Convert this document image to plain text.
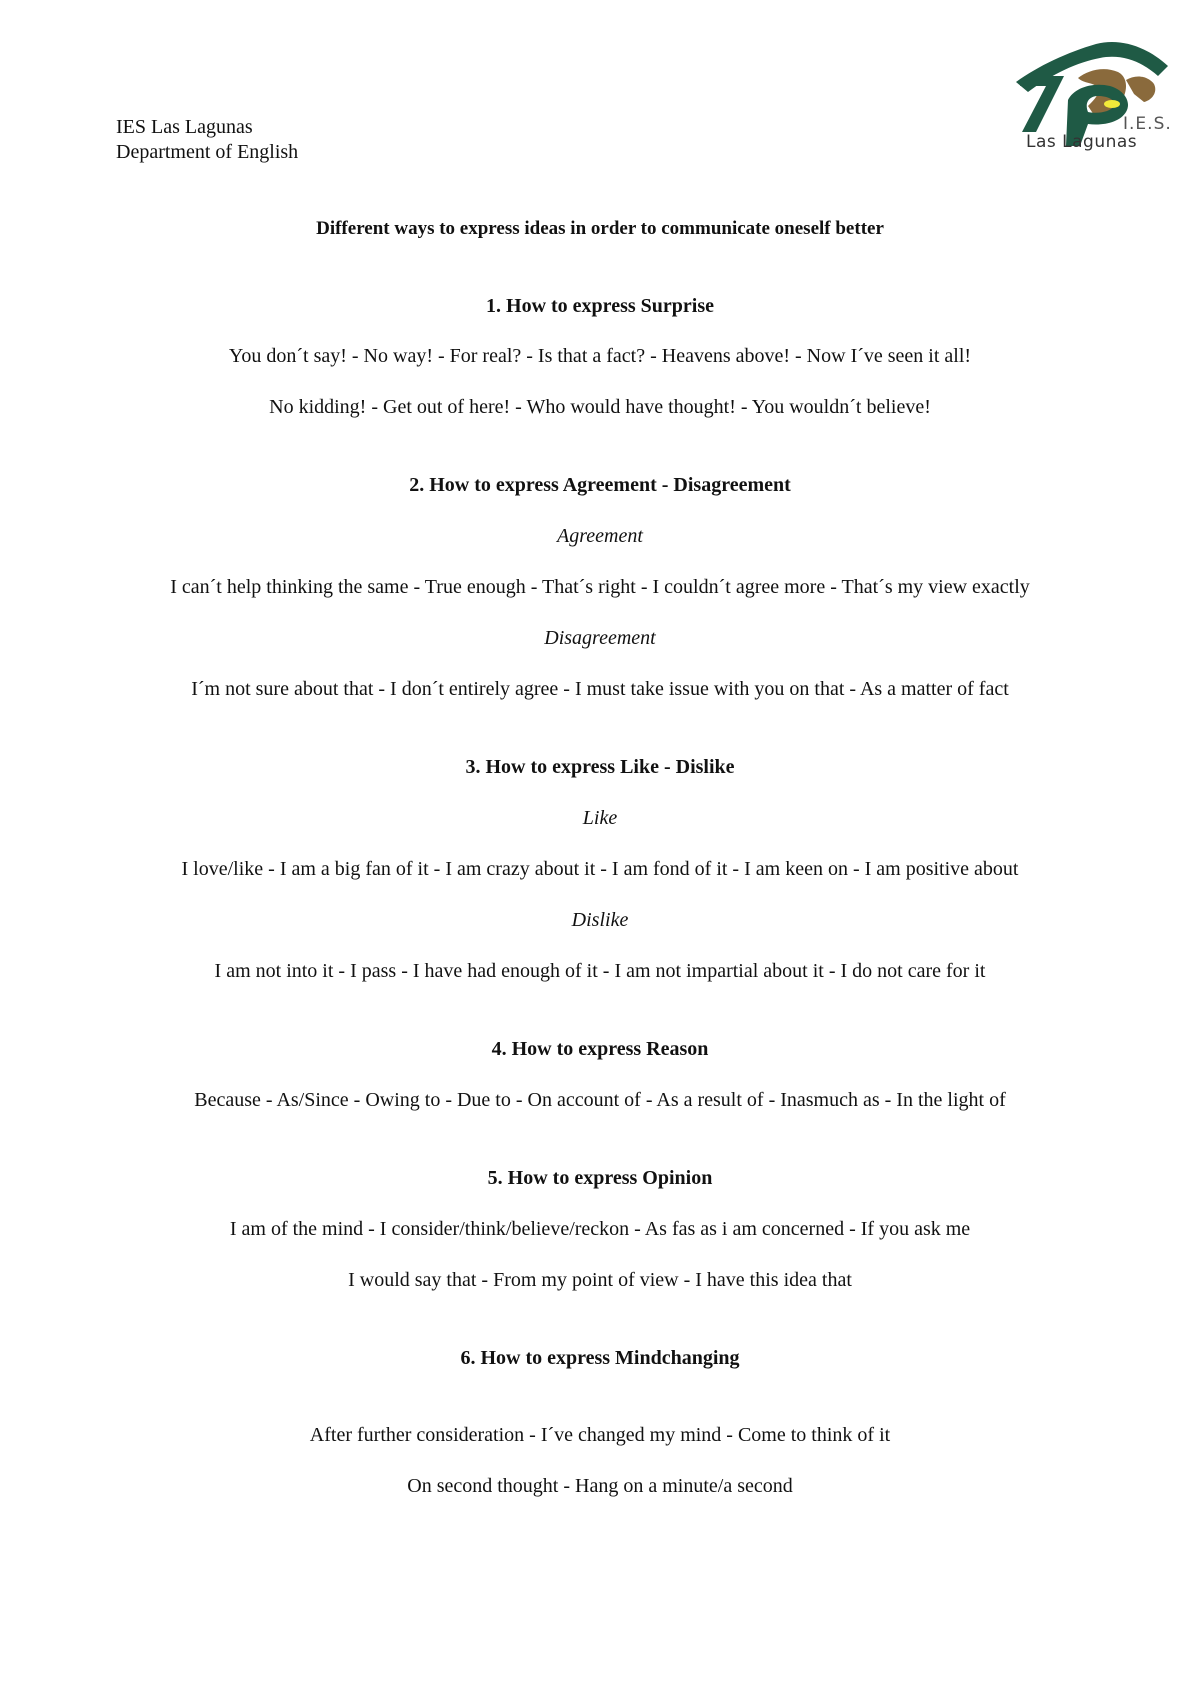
IES Las Lagunas
Department of English
I.E.S.
Las Lagunas
Different ways to express ideas in order to communicate oneself better
1. How to express Surprise
You don´t say! - No way! - For real? - Is that a fact? - Heavens above! - Now I´ve seen it all!
No kidding! - Get out of here! - Who would have thought! - You wouldn´t believe!
2. How to express Agreement - Disagreement
Agreement
I can´t help thinking the same - True enough - That´s right - I couldn´t agree more - That´s my view exactly
Disagreement
I´m not sure about that - I don´t entirely agree - I must take issue with you on that - As a matter of fact
3. How to express Like - Dislike
Like
I love/like - I am a big fan of it - I am crazy about it - I am fond of it - I am keen on - I am positive about
Dislike
I am not into it - I pass - I have had enough of it - I am not impartial about it - I do not care for it
4. How to express Reason
Because - As/Since - Owing to - Due to - On account of - As a result of - Inasmuch as - In the light of
5. How to express Opinion
I am of the mind - I consider/think/believe/reckon - As fas as i am concerned - If you ask me
I would say that - From my point of view - I have this idea that
6. How to express Mindchanging
After further consideration - I´ve changed my mind - Come to think of it
On second thought - Hang on a minute/a second
